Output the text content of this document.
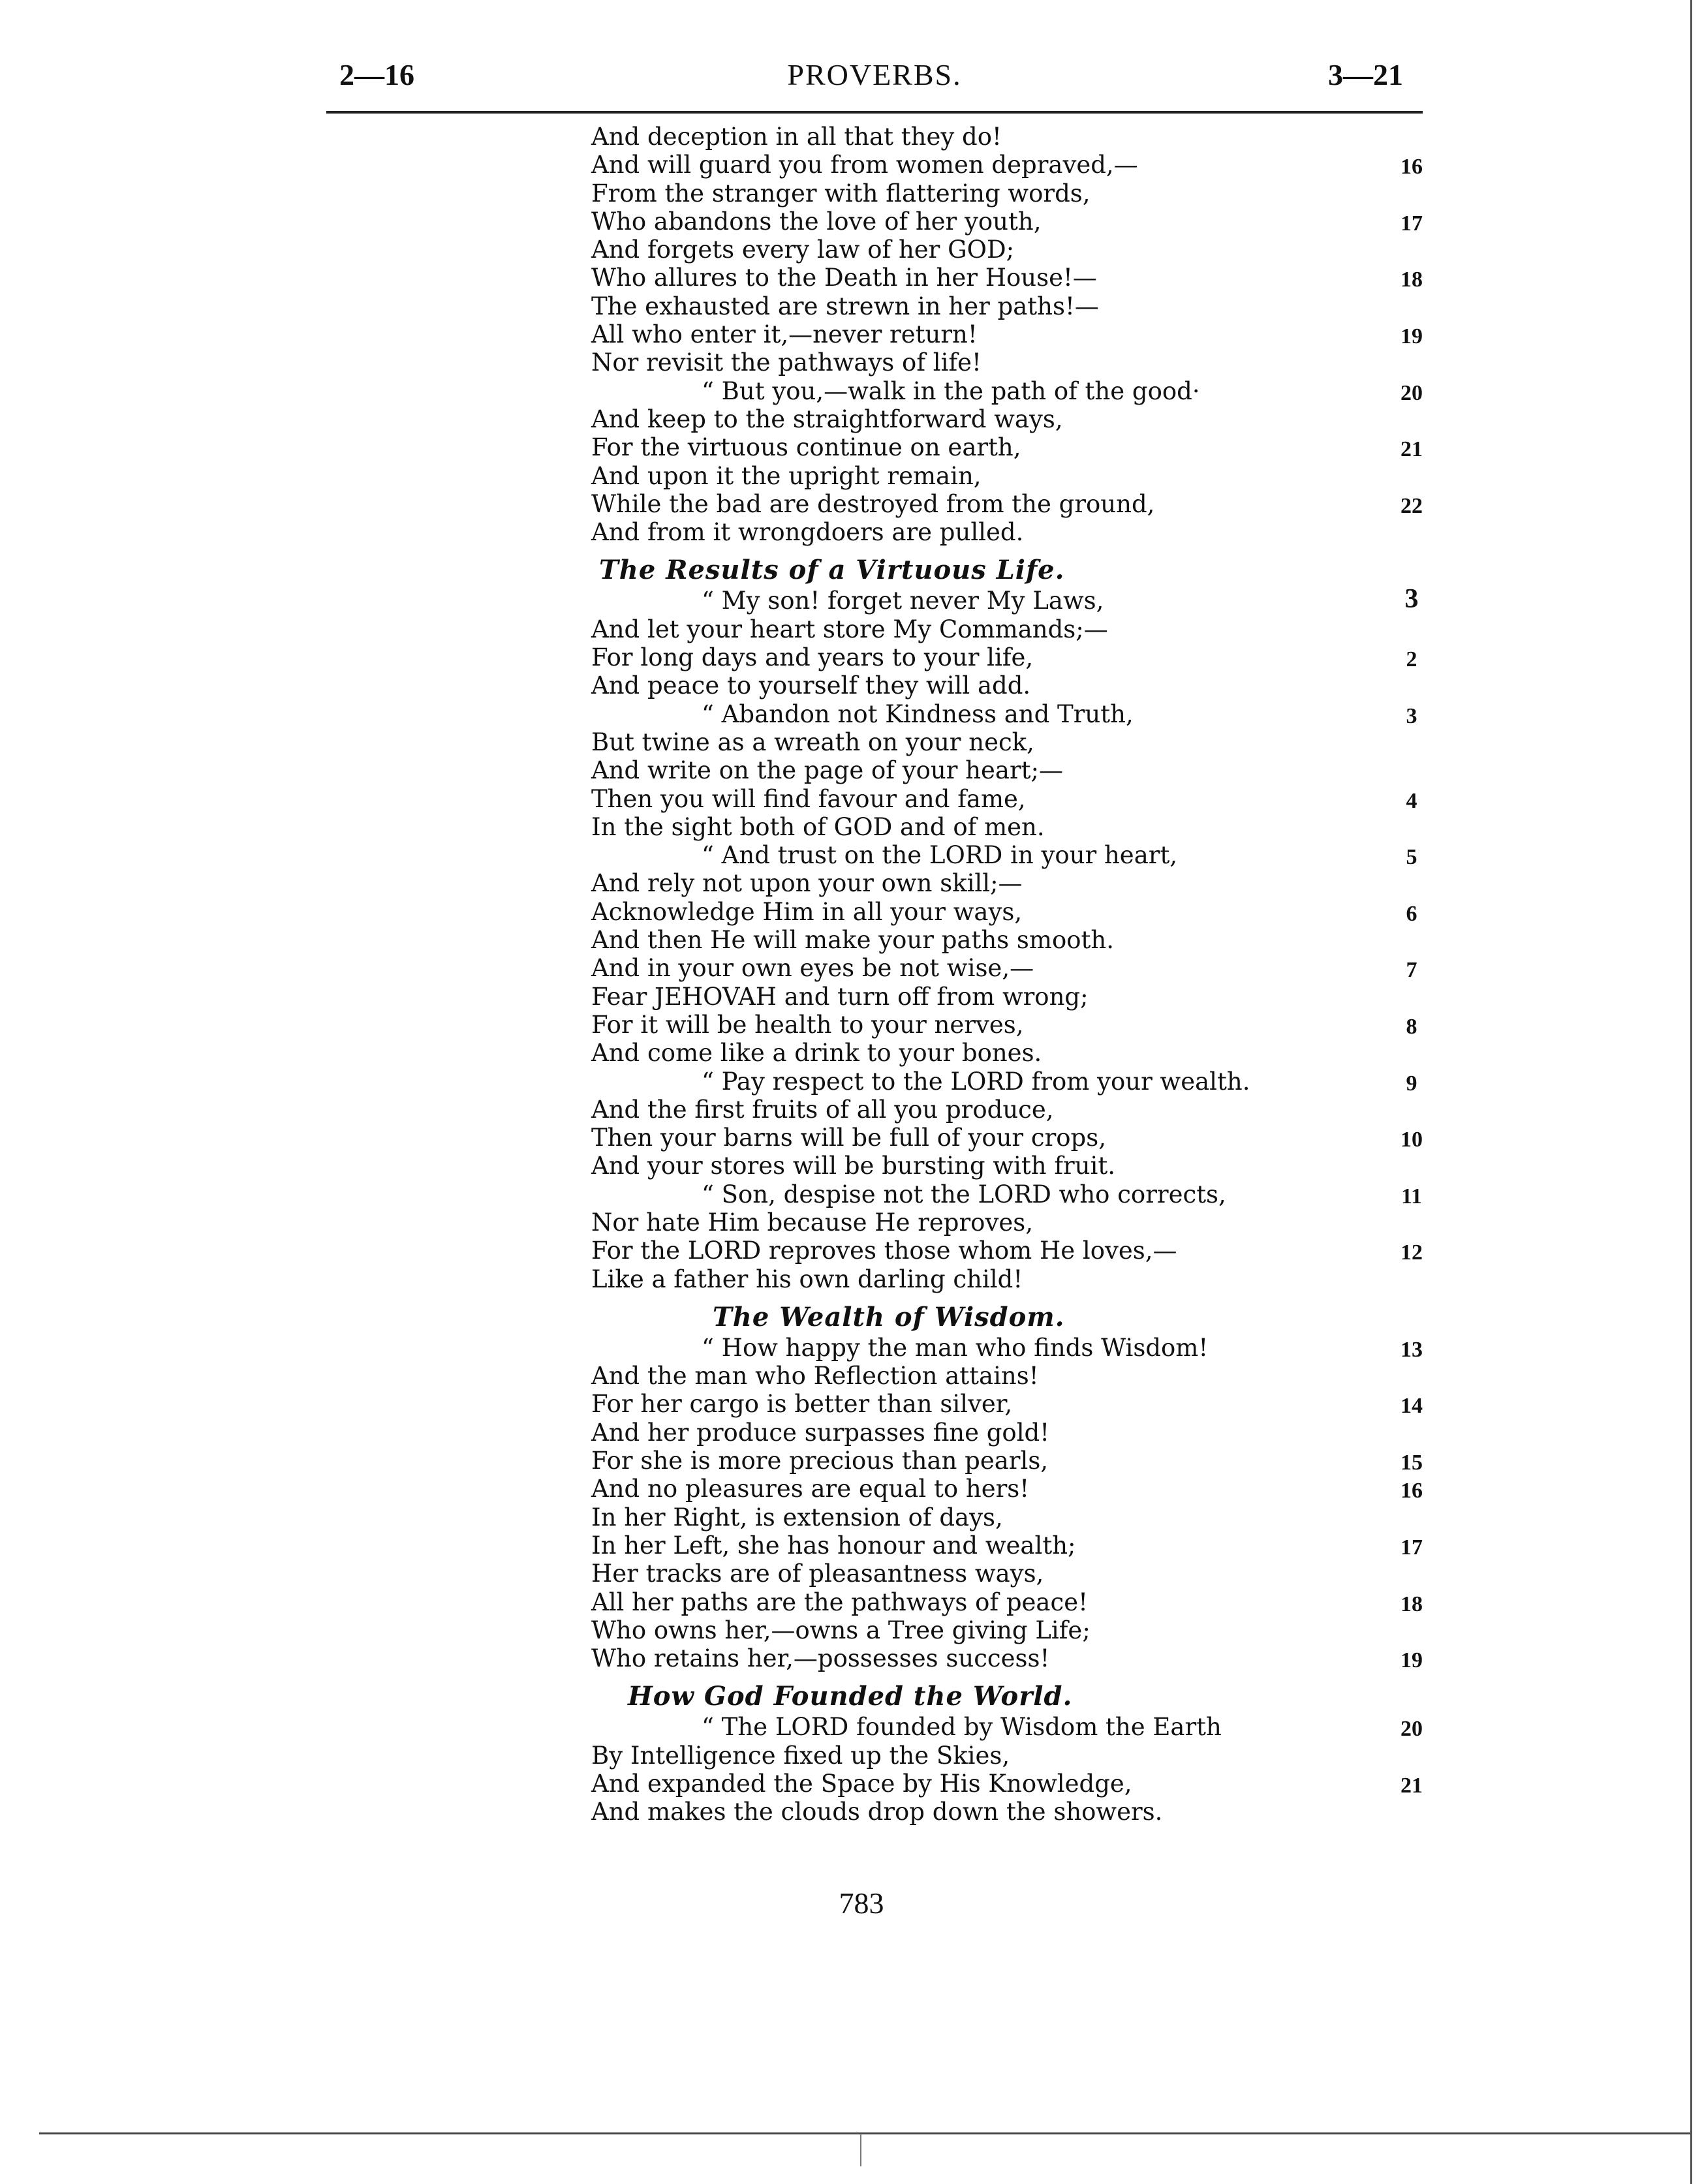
2—16	PROVERBS.	3—21
And deception in all that they do!
And will guard you from women depraved,—	16
From the stranger with flattering words,
Who abandons the love of her youth,	17
And forgets every law of her GOD;
Who allures to the Death in her House!—	18
The exhausted are strewn in her paths!—
All who enter it,—never return!	19
Nor revisit the pathways of life!
“ But you,—walk in the path of the good·	20
And keep to the straightforward ways,
For the virtuous continue on earth,	21
And upon it the upright remain,
While the bad are destroyed from the ground,	22
And from it wrongdoers are pulled.
The Results of a Virtuous Life.
“ My son! forget never My Laws,	3
And let your heart store My Commands;—
For long days and years to your life,	2
And peace to yourself they will add.
“ Abandon not Kindness and Truth,	3
But twine as a wreath on your neck,
And write on the page of your heart;—
Then you will find favour and fame,	4
In the sight both of GOD and of men.
“ And trust on the LORD in your heart,	5
And rely not upon your own skill;—
Acknowledge Him in all your ways,	6
And then He will make your paths smooth.
And in your own eyes be not wise,—	7
Fear JEHOVAH and turn off from wrong;
For it will be health to your nerves,	8
And come like a drink to your bones.
“ Pay respect to the LORD from your wealth.	9
And the first fruits of all you produce,
Then your barns will be full of your crops,	10
And your stores will be bursting with fruit.
“ Son, despise not the LORD who corrects,	11
Nor hate Him because He reproves,
For the LORD reproves those whom He loves,—	12
Like a father his own darling child!
The Wealth of Wisdom.
“ How happy the man who finds Wisdom!	13
And the man who Reflection attains!
For her cargo is better than silver,	14
And her produce surpasses fine gold!
For she is more precious than pearls,	15
And no pleasures are equal to hers!	16
In her Right, is extension of days,
In her Left, she has honour and wealth;	17
Her tracks are of pleasantness ways,
All her paths are the pathways of peace!	18
Who owns her,—owns a Tree giving Life;
Who retains her,—possesses success!	19
How God Founded the World.
“ The LORD founded by Wisdom the Earth	20
By Intelligence fixed up the Skies,
And expanded the Space by His Knowledge,	21
And makes the clouds drop down the showers.
783
